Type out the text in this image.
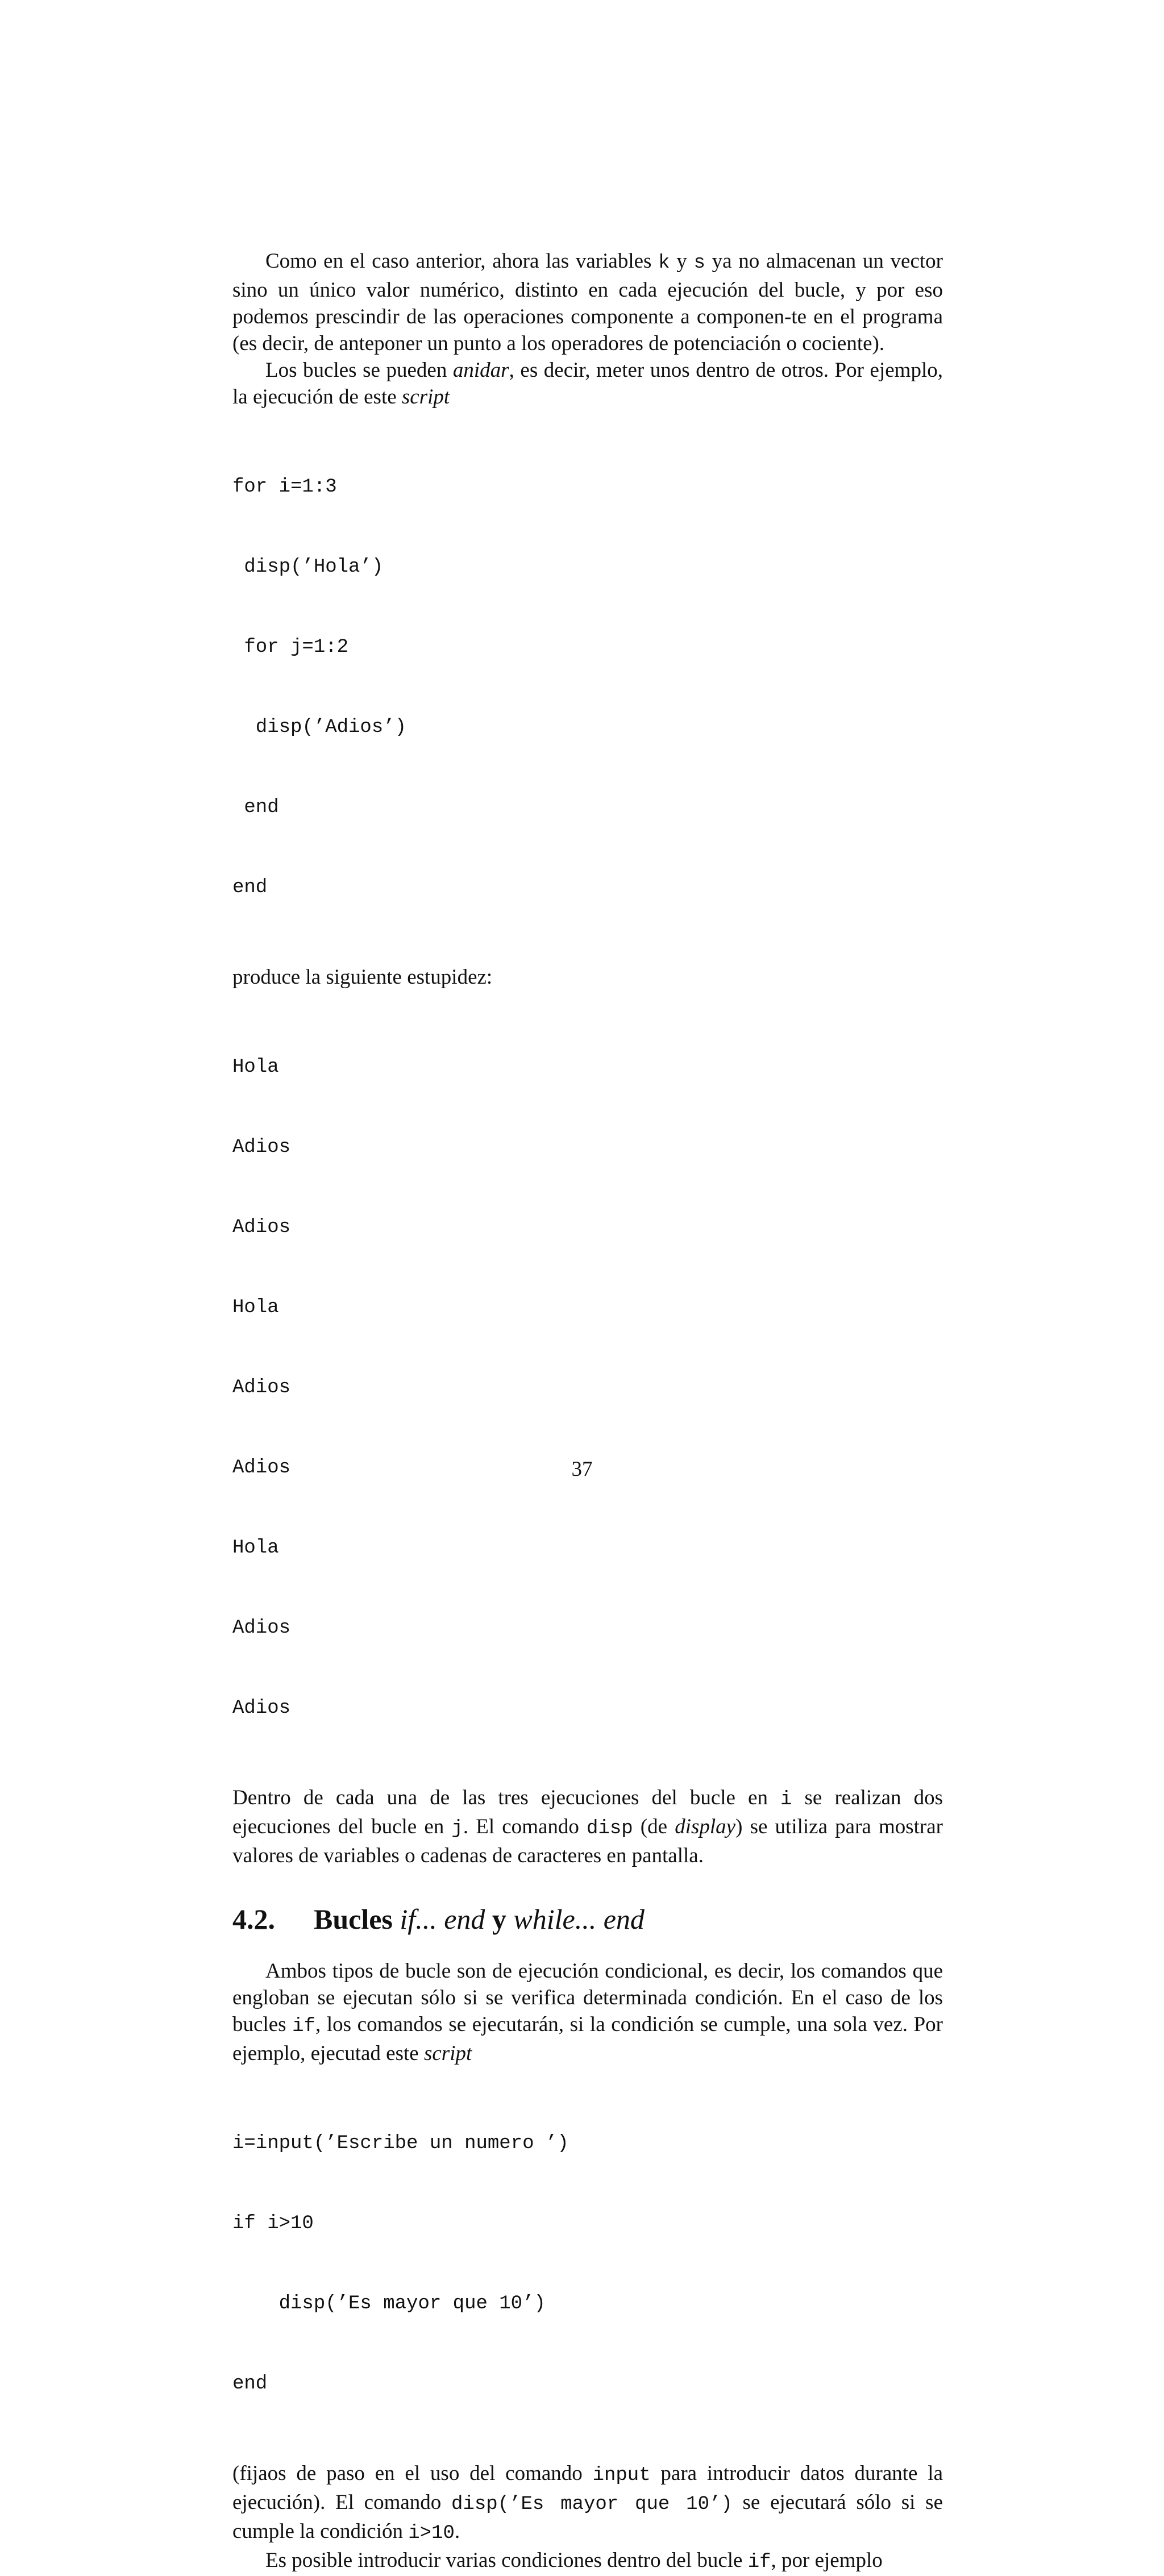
Como en el caso anterior, ahora las variables k y s ya no almacenan un vector sino un único valor numérico, distinto en cada ejecución del bucle, y por eso podemos prescindir de las operaciones componente a componen-te en el programa (es decir, de anteponer un punto a los operadores de potenciación o cociente).

Los bucles se pueden anidar, es decir, meter unos dentro de otros. Por ejemplo, la ejecución de este script

for i=1:3

disp(’Hola’)

for j=1:2

disp(’Adios’)

end

end

produce la siguiente estupidez:

Hola

Adios

Adios

Hola

Adios

Adios

Hola

Adios

Adios

Dentro de cada una de las tres ejecuciones del bucle en i se realizan dos ejecuciones del bucle en j. El comando disp (de display) se utiliza para mostrar valores de variables o cadenas de caracteres en pantalla.

4.2. Bucles if... end y while... end

Ambos tipos de bucle son de ejecución condicional, es decir, los comandos que engloban se ejecutan sólo si se verifica determinada condición. En el caso de los bucles if, los comandos se ejecutarán, si la condición se cumple, una sola vez. Por ejemplo, ejecutad este script

i=input(’Escribe un numero ’)

if i>10

disp(’Es mayor que 10’)

end

(fijaos de paso en el uso del comando input para introducir datos durante la ejecución). El comando disp(’Es mayor que 10’) se ejecutará sólo si se cumple la condición i>10.

Es posible introducir varias condiciones dentro del bucle if, por ejemplo

37
